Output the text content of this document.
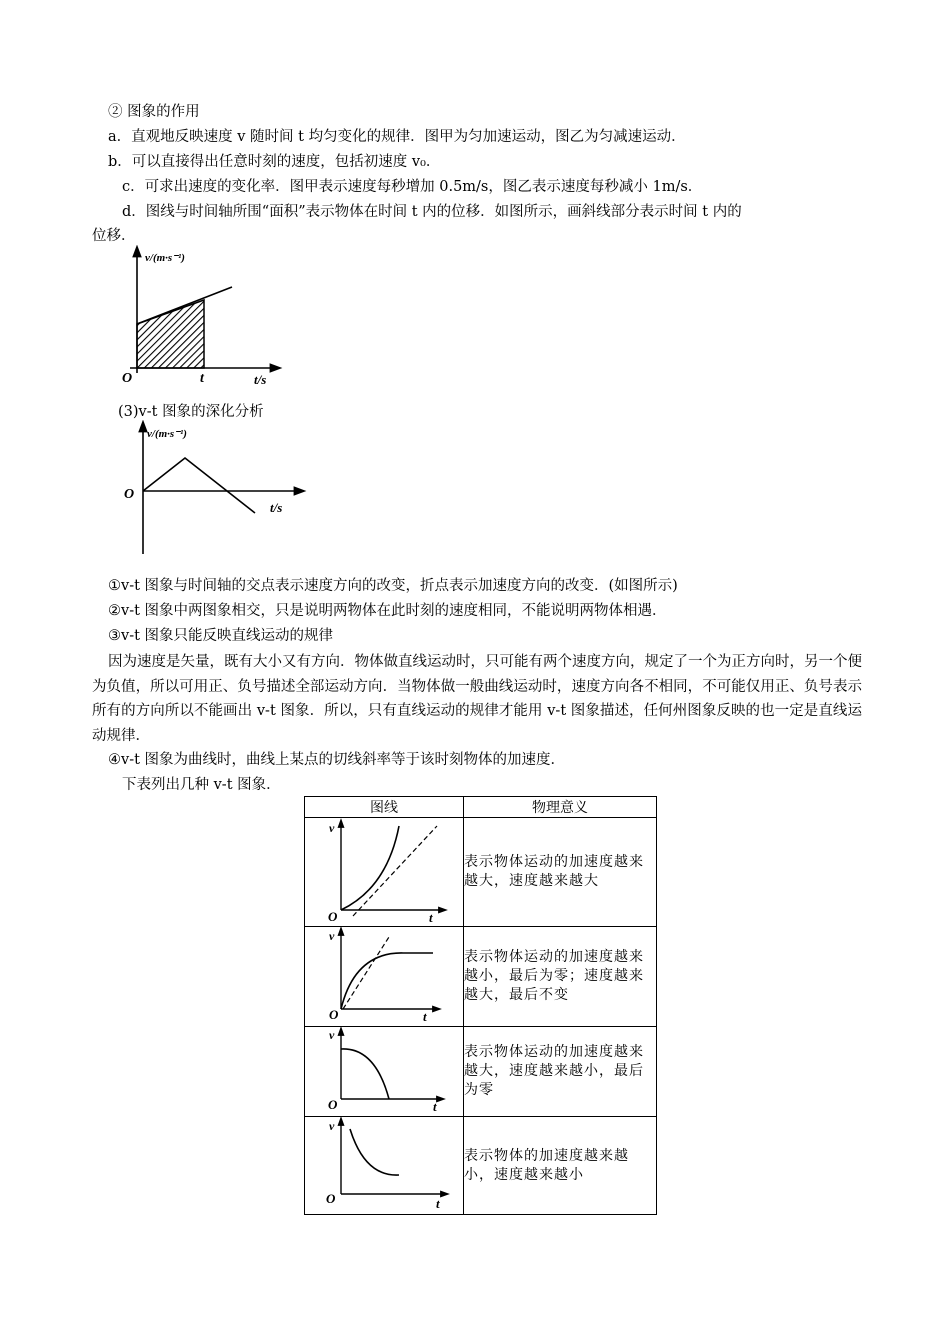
② 图象的作用
a．直观地反映速度 v 随时间 t 均匀变化的规律．图甲为匀加速运动，图乙为匀减速运动．
b．可以直接得出任意时刻的速度，包括初速度 v₀．
c．可求出速度的变化率．图甲表示速度每秒增加 0.5m/s，图乙表示速度每秒减小 1m/s．
d．图线与时间轴所围“面积”表示物体在时间 t 内的位移．如图所示，画斜线部分表示时间 t 内的
位移．
v/(m·s⁻¹)
O	t	t/s
(3)v-t 图象的深化分析
v/(m·s⁻¹)
O
t/s
①v-t 图象与时间轴的交点表示速度方向的改变，折点表示加速度方向的改变．(如图所示)
②v-t 图象中两图象相交，只是说明两物体在此时刻的速度相同，不能说明两物体相遇．
③v-t 图象只能反映直线运动的规律
因为速度是矢量，既有大小又有方向．物体做直线运动时，只可能有两个速度方向，规定了一个为正方向时，另一个便为负值，所以可用正、负号描述全部运动方向．当物体做一般曲线运动时，速度方向各不相同，不可能仅用正、负号表示所有的方向所以不能画出 v-t 图象．所以，只有直线运动的规律才能用 v-t 图象描述，任何州图象反映的也一定是直线运动规律．
④v-t 图象为曲线时，曲线上某点的切线斜率等于该时刻物体的加速度．
下表列出几种 v-t 图象．
图线	物理意义

v
O t	表示物体运动的加速度越来越大，速度越来越大

v
O t	表示物体运动的加速度越来越小，最后为零；速度越来越大，最后不变

v
O t	表示物体运动的加速度越来越大，速度越来越小，最后为零

v
O t	表示物体的加速度越来越小，速度越来越小
